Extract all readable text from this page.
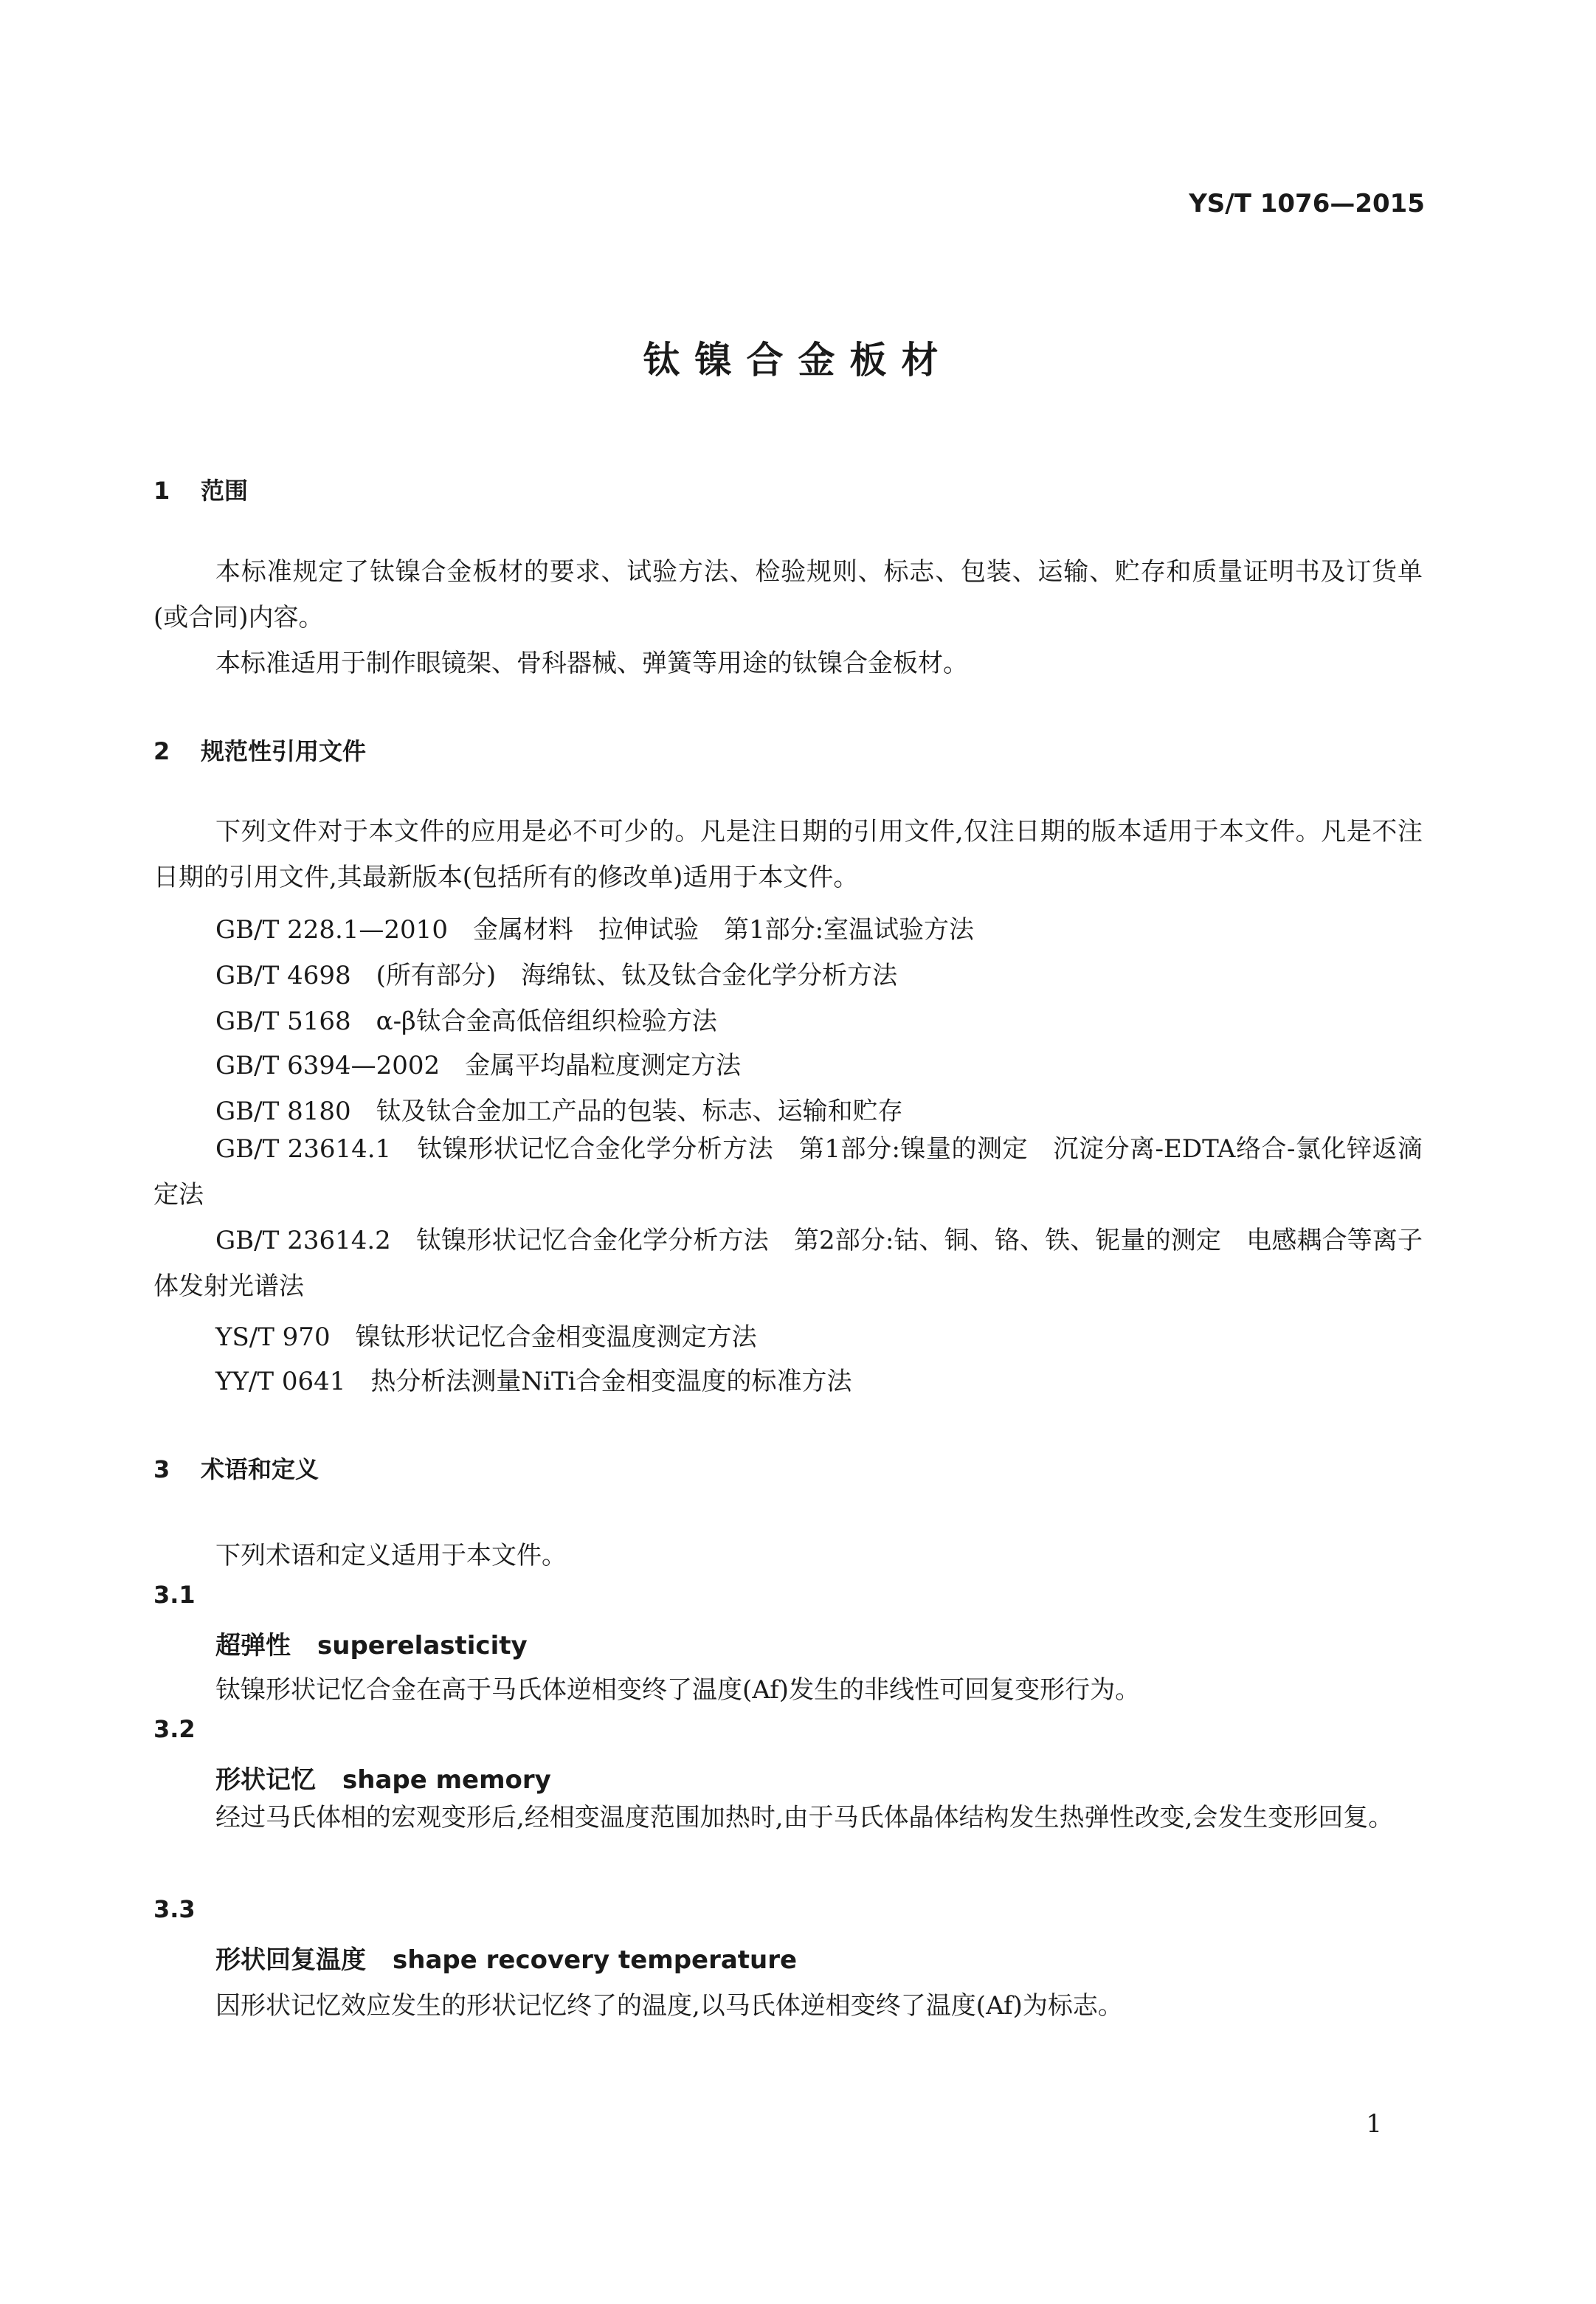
YS/T 1076—2015
钛镍合金板材
1 范围
本标准规定了钛镍合金板材的要求、试验方法、检验规则、标志、包装、运输、贮存和质量证明书及订货单(或合同)内容。
本标准适用于制作眼镜架、骨科器械、弹簧等用途的钛镍合金板材。
2 规范性引用文件
下列文件对于本文件的应用是必不可少的。凡是注日期的引用文件,仅注日期的版本适用于本文件。凡是不注日期的引用文件,其最新版本(包括所有的修改单)适用于本文件。
GB/T 228.1—2010　金属材料　拉伸试验　第1部分:室温试验方法
GB/T 4698　(所有部分)　海绵钛、钛及钛合金化学分析方法
GB/T 5168　α-β钛合金高低倍组织检验方法
GB/T 6394—2002　金属平均晶粒度测定方法
GB/T 8180　钛及钛合金加工产品的包装、标志、运输和贮存
GB/T 23614.1　钛镍形状记忆合金化学分析方法　第1部分:镍量的测定　沉淀分离-EDTA络合-氯化锌返滴定法
GB/T 23614.2　钛镍形状记忆合金化学分析方法　第2部分:钴、铜、铬、铁、铌量的测定　电感耦合等离子体发射光谱法
YS/T 970　镍钛形状记忆合金相变温度测定方法
YY/T 0641　热分析法测量NiTi合金相变温度的标准方法
3 术语和定义
下列术语和定义适用于本文件。
3.1
超弹性 superelasticity
钛镍形状记忆合金在高于马氏体逆相变终了温度(Af)发生的非线性可回复变形行为。
3.2
形状记忆 shape memory
经过马氏体相的宏观变形后,经相变温度范围加热时,由于马氏体晶体结构发生热弹性改变,会发生变形回复。
3.3
形状回复温度 shape recovery temperature
因形状记忆效应发生的形状记忆终了的温度,以马氏体逆相变终了温度(Af)为标志。
1
